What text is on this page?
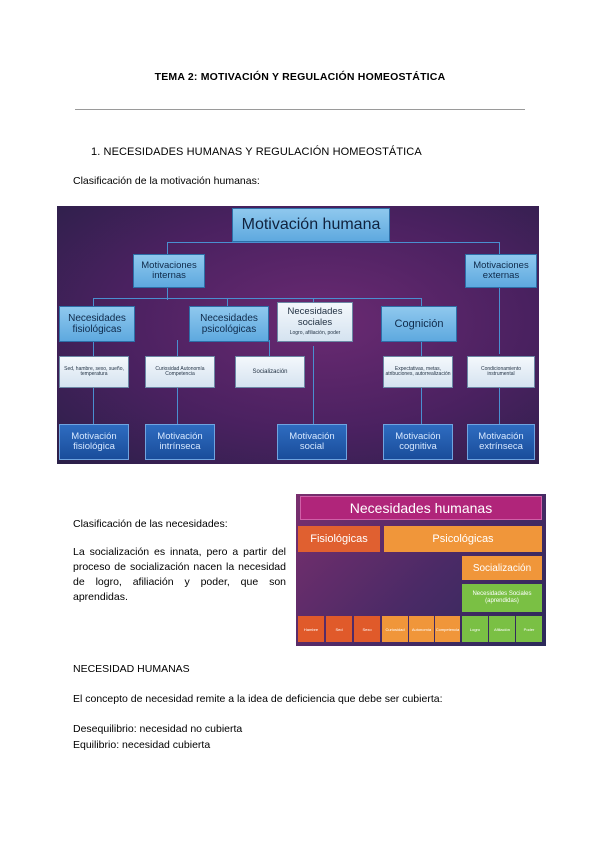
TEMA 2: MOTIVACIÓN Y REGULACIÓN HOMEOSTÁTICA
1. NECESIDADES HUMANAS Y REGULACIÓN HOMEOSTÁTICA
Clasificación de la motivación humanas:
Motivación humana
Motivaciones internas
Motivaciones externas
Necesidades fisiológicas
Necesidades psicológicas
Necesidades sociales
Logro, afiliación, poder
Cognición
Sed, hambre, sexo, sueño, temperatura
Curiosidad Autonomía Competencia	Socialización
Expectativas, metas, atribuciones, autorrealización
Condicionamiento instrumental
Motivación fisiológica
Motivación intrínseca
Motivación social
Motivación cognitiva
Motivación extrínseca
Clasificación de las necesidades:
La socialización es innata, pero a partir del proceso de socialización nacen la necesidad de logro, afiliación y poder, que son aprendidas.
Necesidades humanas
Fisiológicas	Psicológicas
Socialización
Necesidades Sociales (aprendidas)
Hambre	Sed	Sexo	Curiosidad	Autonomía	Competencia	Logro	Afiliación	Poder
NECESIDAD HUMANAS
El concepto de necesidad remite a la idea de deficiencia que debe ser cubierta:
Desequilibrio: necesidad no cubierta
Equilibrio: necesidad cubierta
